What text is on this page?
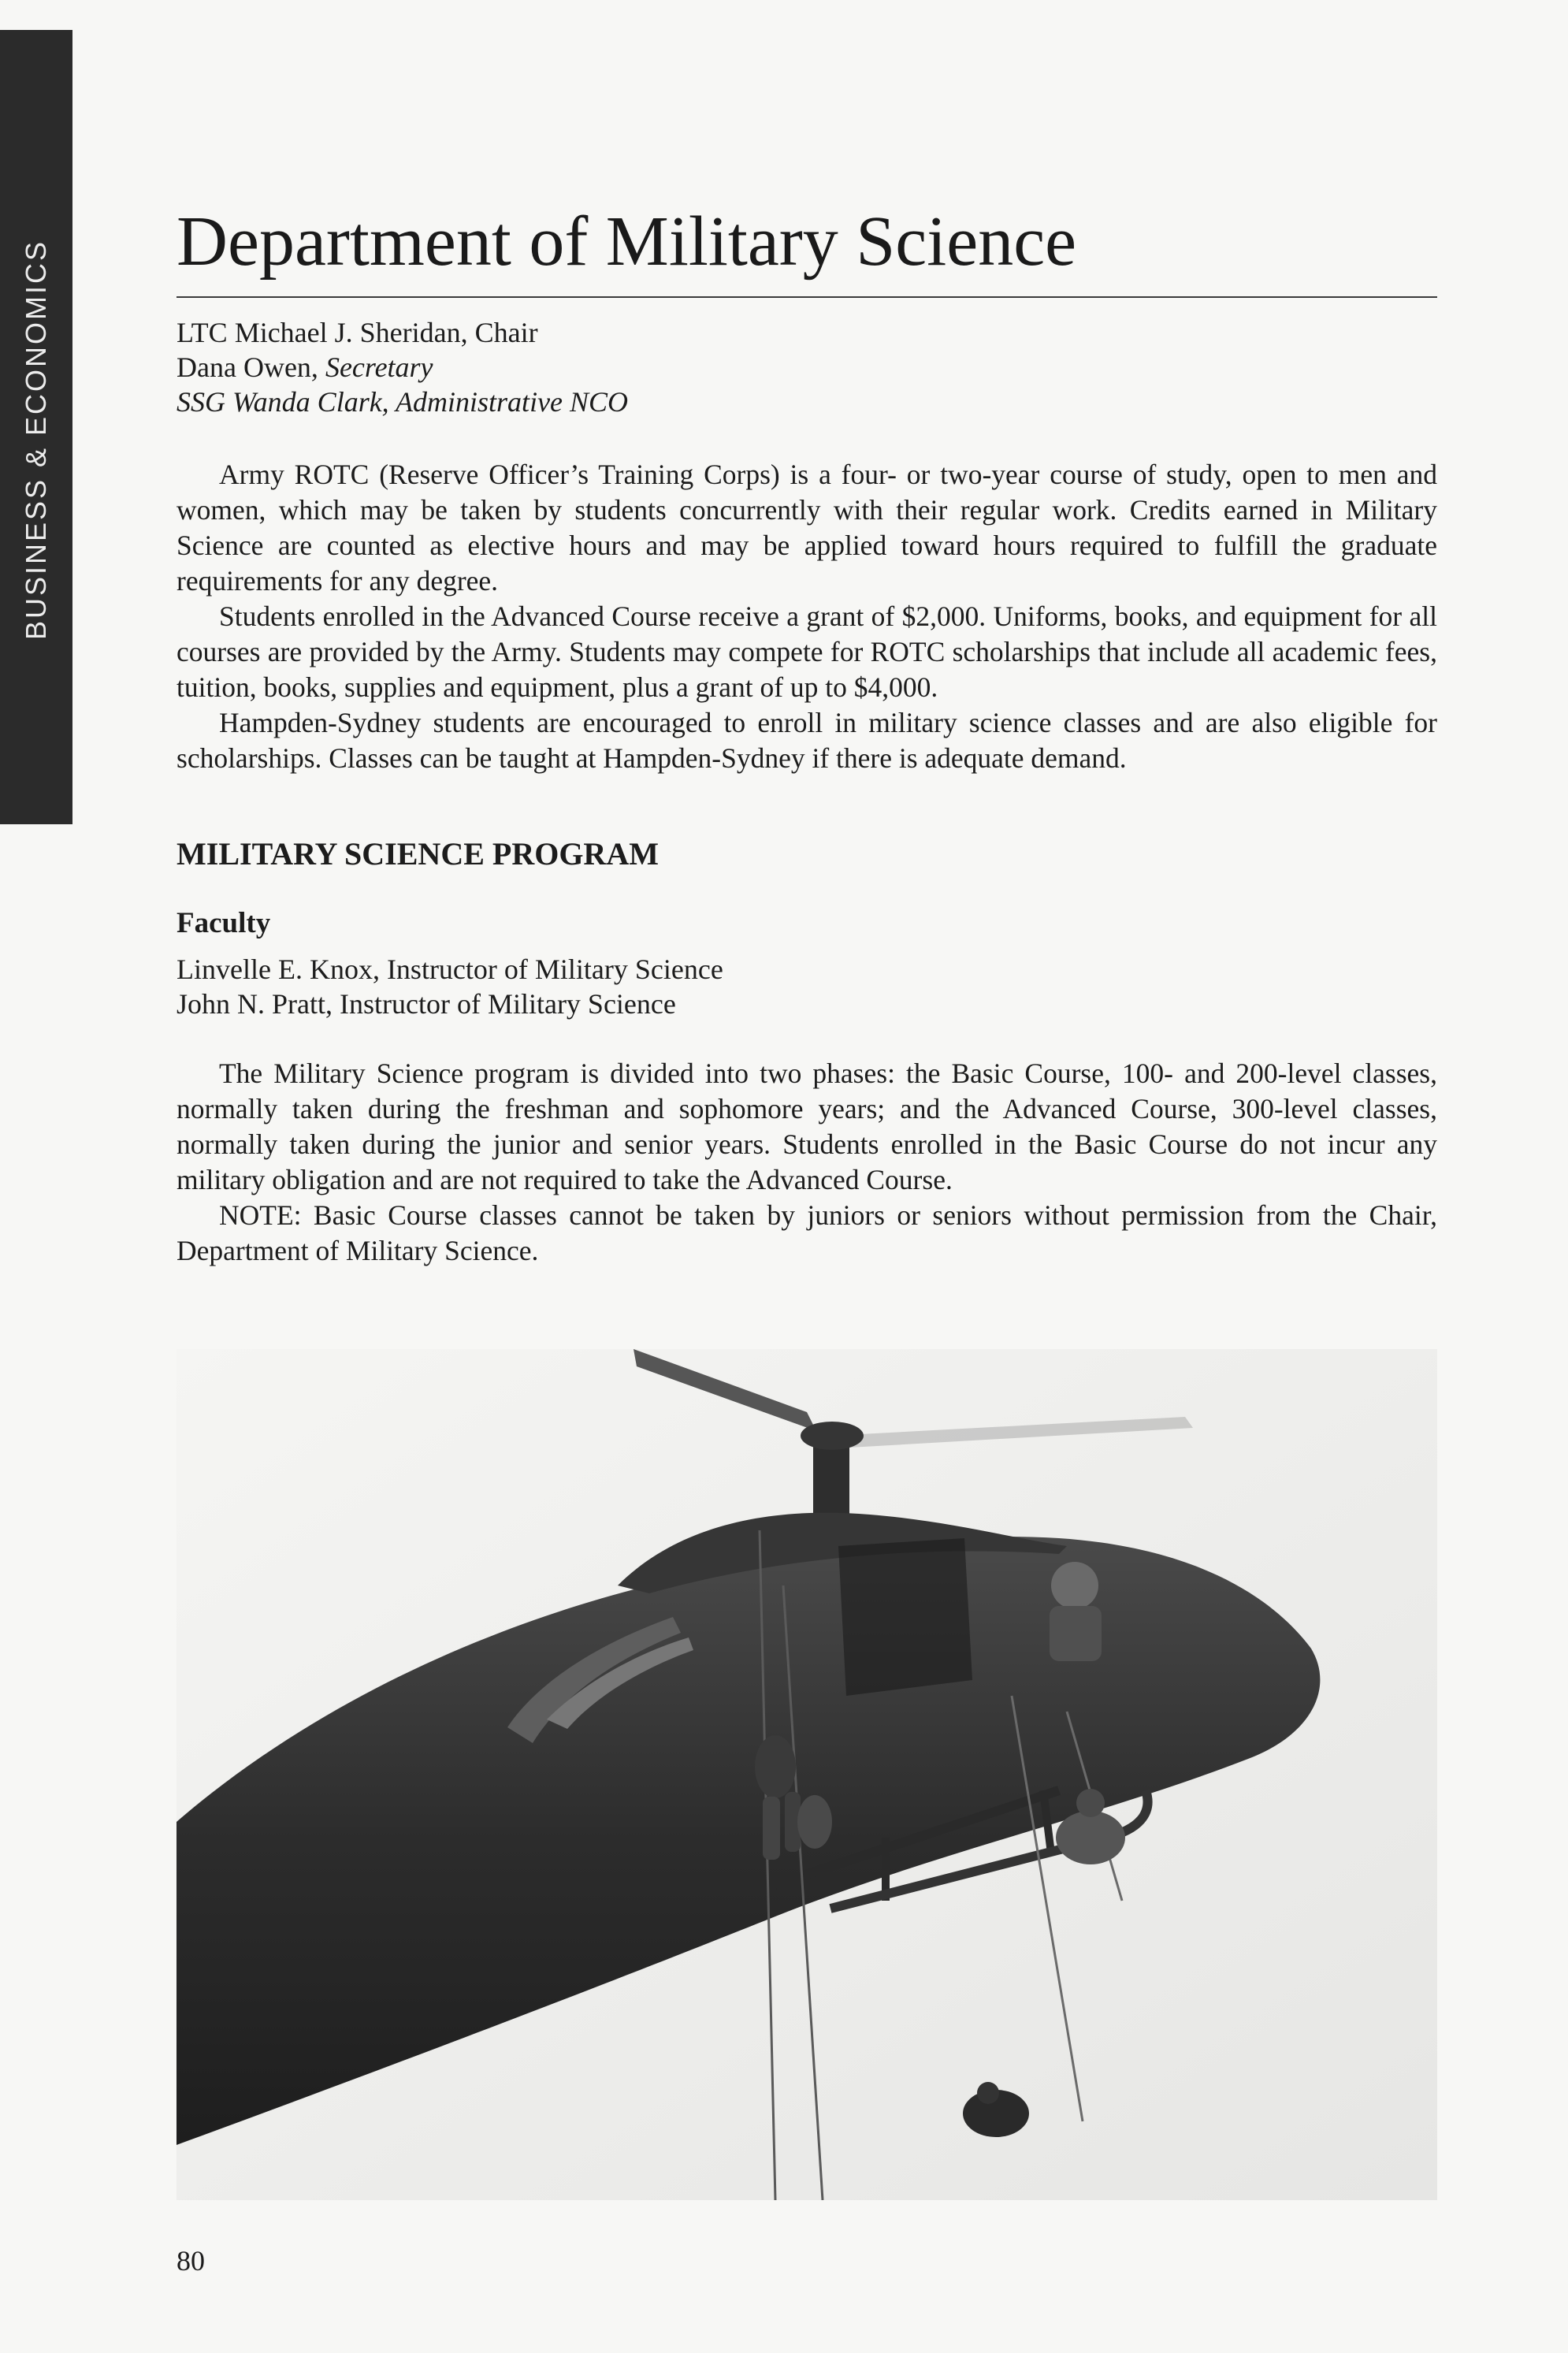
BUSINESS & ECONOMICS Department of Military Science
LTC Michael J. Sheridan, Chair
Dana Owen, Secretary
SSG Wanda Clark, Administrative NCO

Army ROTC (Reserve Officer’s Training Corps) is a four- or two-year course of study, open to men and women, which may be taken by students concurrently with their regular work. Credits earned in Military Science are counted as elective hours and may be applied toward hours required to fulfill the graduate requirements for any degree.

Students enrolled in the Advanced Course receive a grant of $2,000. Uniforms, books, and equipment for all courses are provided by the Army. Students may compete for ROTC scholarships that include all academic fees, tuition, books, supplies and equipment, plus a grant of up to $4,000.

Hampden-Sydney students are encouraged to enroll in military science classes and are also eligible for scholarships. Classes can be taught at Hampden-Sydney if there is adequate demand.

MILITARY SCIENCE PROGRAM
Faculty
Linvelle E. Knox, Instructor of Military Science
John N. Pratt, Instructor of Military Science

The Military Science program is divided into two phases: the Basic Course, 100- and 200-level classes, normally taken during the freshman and sophomore years; and the Advanced Course, 300-level classes, normally taken during the junior and senior years. Students enrolled in the Basic Course do not incur any military obligation and are not required to take the Advanced Course.

NOTE: Basic Course classes cannot be taken by juniors or seniors without permission from the Chair, Department of Military Science.

80
